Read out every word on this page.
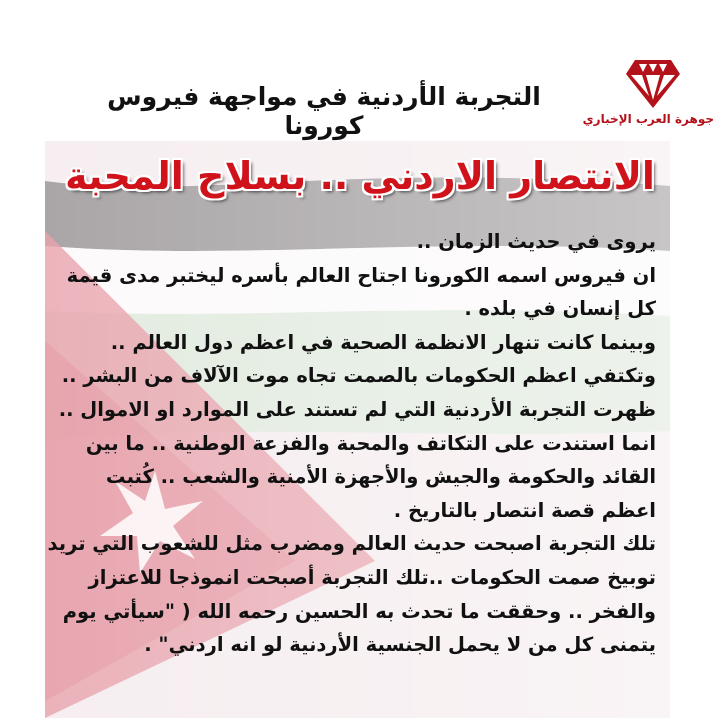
التجربة الأردنية في مواجهة فيروس كورونا	جوهرة العرب الإخباري
الانتصار الاردني .. بسلاح المحبة
يروى في حديث الزمان ..
ان فيروس اسمه الكورونا اجتاح العالم بأسره ليختبر مدى قيمة
كل إنسان في بلده .
وبينما كانت تنهار الانظمة الصحية في اعظم دول العالم ..
وتكتفي اعظم الحكومات بالصمت تجاه موت الآلاف من البشر ..
ظهرت التجربة الأردنية التي لم تستند على الموارد او الاموال ..
انما استندت على التكاتف والمحبة والفزعة الوطنية .. ما بين
القائد والحكومة والجيش والأجهزة الأمنية والشعب .. كُتبت
اعظم قصة انتصار بالتاريخ .
تلك التجربة اصبحت حديث العالم ومضرب مثل للشعوب التي تريد
توبيخ صمت الحكومات ..تلك التجربة أصبحت انموذجا للاعتزاز
والفخر .. وحققت ما تحدث به الحسين رحمه الله ( "سيأتي يوم
يتمنى كل من لا يحمل الجنسية الأردنية لو انه اردني" .
